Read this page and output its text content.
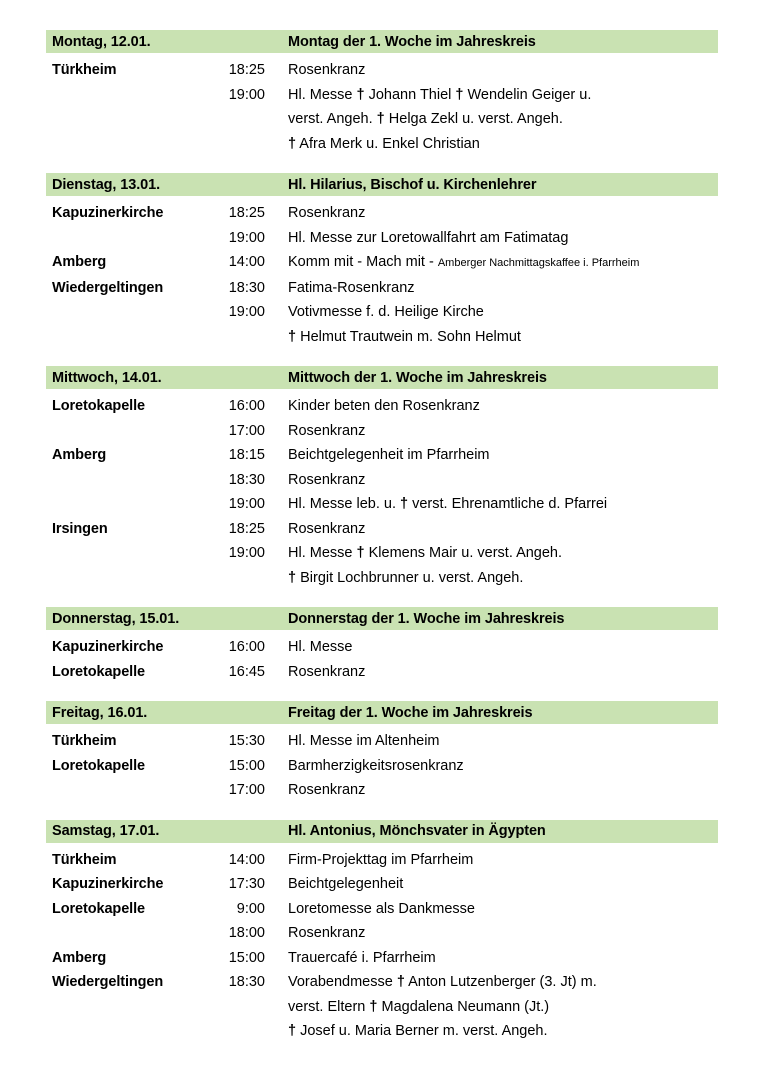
Montag, 12.01.	Montag der 1. Woche im Jahreskreis
Türkheim	18:25 Rosenkranz
19:00 Hl. Messe † Johann Thiel † Wendelin Geiger u.
verst. Angeh. † Helga Zekl u. verst. Angeh.
† Afra Merk u. Enkel Christian
Dienstag, 13.01.	Hl. Hilarius, Bischof u. Kirchenlehrer
Kapuzinerkirche	18:25 Rosenkranz
19:00 Hl. Messe zur Loretowallfahrt am Fatimatag
Amberg	14:00 Komm mit - Mach mit - Amberger Nachmittagskaffee i. Pfarrheim
Wiedergeltingen	18:30 Fatima-Rosenkranz
19:00 Votivmesse f. d. Heilige Kirche
† Helmut Trautwein m. Sohn Helmut
Mittwoch, 14.01.	Mittwoch der 1. Woche im Jahreskreis
Loretokapelle	16:00 Kinder beten den Rosenkranz
17:00 Rosenkranz
Amberg	18:15 Beichtgelegenheit im Pfarrheim
18:30 Rosenkranz
19:00 Hl. Messe leb. u. † verst. Ehrenamtliche d. Pfarrei
Irsingen	18:25 Rosenkranz
19:00 Hl. Messe † Klemens Mair u. verst. Angeh.
† Birgit Lochbrunner u. verst. Angeh.
Donnerstag, 15.01.	Donnerstag der 1. Woche im Jahreskreis
Kapuzinerkirche	16:00 Hl. Messe
Loretokapelle	16:45 Rosenkranz
Freitag, 16.01.	Freitag der 1. Woche im Jahreskreis
Türkheim	15:30 Hl. Messe im Altenheim
Loretokapelle	15:00 Barmherzigkeitsrosenkranz
17:00 Rosenkranz
Samstag, 17.01.	Hl. Antonius, Mönchsvater in Ägypten
Türkheim	14:00 Firm-Projekttag im Pfarrheim
Kapuzinerkirche	17:30 Beichtgelegenheit
Loretokapelle	9:00 Loretomesse als Dankmesse
18:00 Rosenkranz
Amberg	15:00 Trauercafé i. Pfarrheim
Wiedergeltingen	18:30 Vorabendmesse † Anton Lutzenberger (3. Jt) m.
verst. Eltern † Magdalena Neumann (Jt.)
† Josef u. Maria Berner m. verst. Angeh.
